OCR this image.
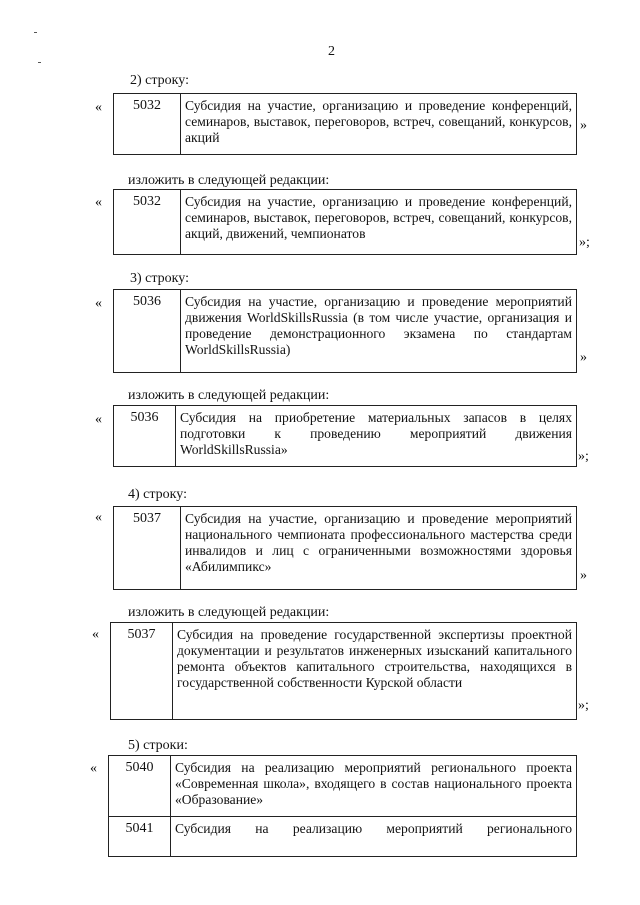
2
2) строку:
«	5032	Субсидия на участие, организацию и проведение конференций, семинаров, выставок, переговоров, встреч, совещаний, конкурсов, акций
»
изложить в следующей редакции:
«	5032	Субсидия на участие, организацию и проведение конференций, семинаров, выставок, переговоров, встреч, совещаний, конкурсов, акций, движений, чемпионатов
»;
3) строку:
«	5036	Субсидия на участие, организацию и проведение мероприятий движения WorldSkillsRussia (в том числе участие, организация и проведение демонстрационного экзамена по стандартам WorldSkillsRussia)
»
изложить в следующей редакции:
«	5036	Субсидия на приобретение материальных запасов в целях подготовки к проведению мероприятий движения WorldSkillsRussia»	»;
4) строку:
«	5037	Субсидия на участие, организацию и проведение мероприятий национального чемпионата профессионального мастерства среди инвалидов и лиц с ограниченными возможностями здоровья «Абилимпикс»
»
изложить в следующей редакции:
«	5037	Субсидия на проведение государственной экспертизы проектной документации и результатов инженерных изысканий капитального ремонта объектов капитального строительства, находящихся в государственной собственности Курской области
»;
5) строки:
«	5040	Субсидия на реализацию мероприятий регионального проекта «Современная школа», входящего в состав национального проекта «Образование»
5041	Субсидия на реализацию мероприятий регионального
